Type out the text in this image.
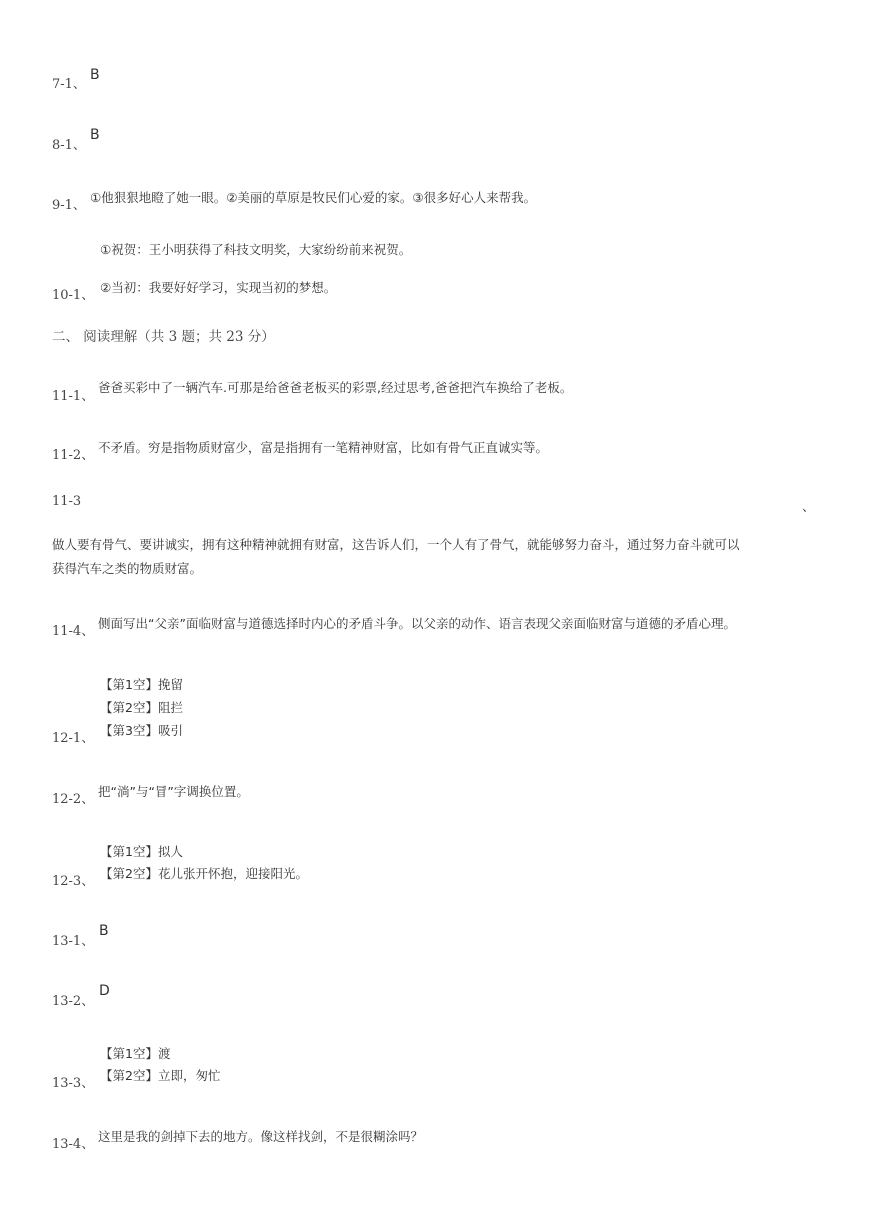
7-1、
B
8-1、
B
9-1、
①他狠狠地瞪了她一眼。②美丽的草原是牧民们心爱的家。③很多好心人来帮我。
①祝贺：王小明获得了科技文明奖，大家纷纷前来祝贺。
10-1、
②当初：我要好好学习，实现当初的梦想。
二、 阅读理解（共 3 题；共 23 分）
11-1、
爸爸买彩中了一辆汽车.可那是给爸爸老板买的彩票,经过思考,爸爸把汽车换给了老板。
11-2、
不矛盾。穷是指物质财富少，富是指拥有一笔精神财富，比如有骨气正直诚实等。
11-3	、
做人要有骨气、要讲诚实，拥有这种精神就拥有财富，这告诉人们，一个人有了骨气，就能够努力奋斗，通过努力奋斗就可以
获得汽车之类的物质财富。
11-4、
侧面写出“父亲”面临财富与道德选择时内心的矛盾斗争。以父亲的动作、语言表现父亲面临财富与道德的矛盾心理。
【第1空】挽留
【第2空】阻拦
12-1、
【第3空】吸引
12-2、
把“淌”与“冒”字调换位置。
【第1空】拟人
12-3、
【第2空】花儿张开怀抱，迎接阳光。
13-1、
B
13-2、
D
【第1空】渡
13-3、
【第2空】立即，匆忙
13-4、
这里是我的剑掉下去的地方。像这样找剑，不是很糊涂吗？
